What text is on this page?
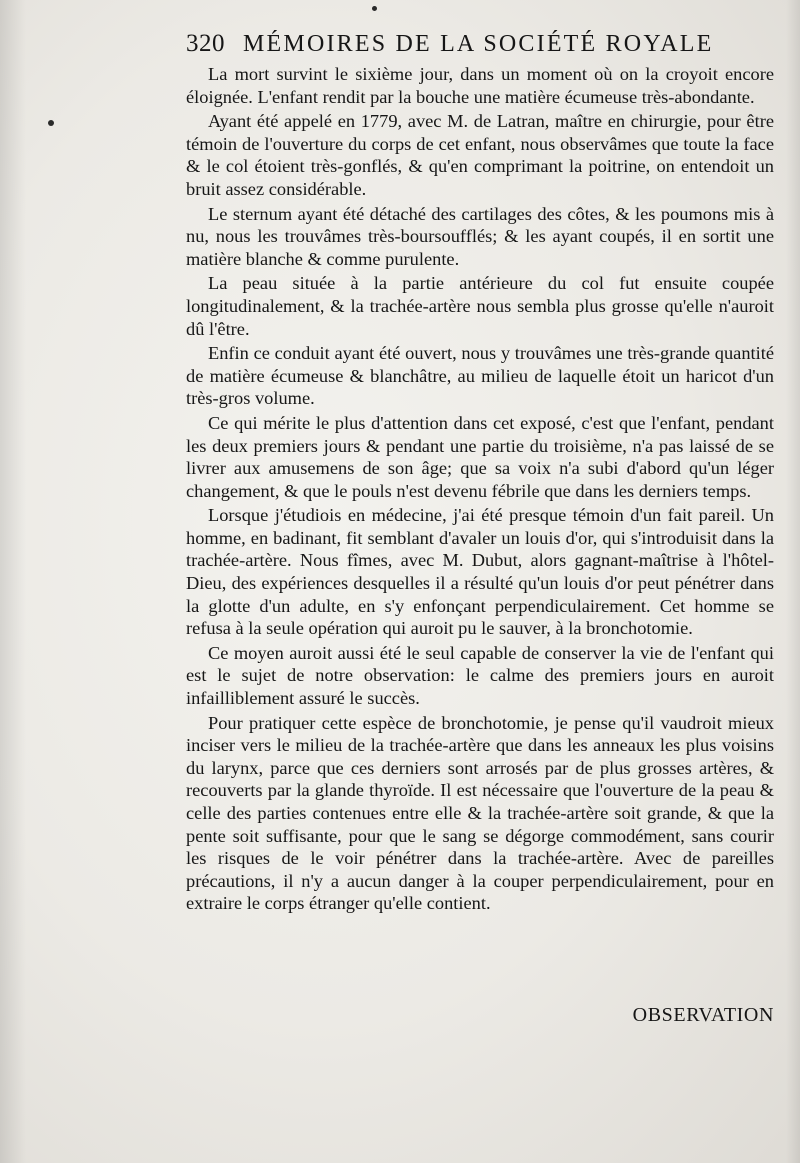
320 MÉMOIRES DE LA SOCIÉTÉ ROYALE

La mort survint le sixième jour, dans un moment où on la croyoit encore éloignée. L'enfant rendit par la bouche une matière écumeuse très-abondante.

Ayant été appelé en 1779, avec M. de Latran, maître en chirurgie, pour être témoin de l'ouverture du corps de cet enfant, nous observâmes que toute la face & le col étoient très-gonflés, & qu'en comprimant la poitrine, on entendoit un bruit assez considérable.

Le sternum ayant été détaché des cartilages des côtes, & les poumons mis à nu, nous les trouvâmes très-boursoufflés; & les ayant coupés, il en sortit une matière blanche & comme purulente.

La peau située à la partie antérieure du col fut ensuite coupée longitudinalement, & la trachée-artère nous sembla plus grosse qu'elle n'auroit dû l'être.

Enfin ce conduit ayant été ouvert, nous y trouvâmes une très-grande quantité de matière écumeuse & blanchâtre, au milieu de laquelle étoit un haricot d'un très-gros volume.

Ce qui mérite le plus d'attention dans cet exposé, c'est que l'enfant, pendant les deux premiers jours & pendant une partie du troisième, n'a pas laissé de se livrer aux amusemens de son âge; que sa voix n'a subi d'abord qu'un léger changement, & que le pouls n'est devenu fébrile que dans les derniers temps.

Lorsque j'étudiois en médecine, j'ai été presque témoin d'un fait pareil. Un homme, en badinant, fit semblant d'avaler un louis d'or, qui s'introduisit dans la trachée-artère. Nous fîmes, avec M. Dubut, alors gagnant-maîtrise à l'hôtel-Dieu, des expériences desquelles il a résulté qu'un louis d'or peut pénétrer dans la glotte d'un adulte, en s'y enfonçant perpendiculairement. Cet homme se refusa à la seule opération qui auroit pu le sauver, à la bronchotomie.

Ce moyen auroit aussi été le seul capable de conserver la vie de l'enfant qui est le sujet de notre observation: le calme des premiers jours en auroit infailliblement assuré le succès.

Pour pratiquer cette espèce de bronchotomie, je pense qu'il vaudroit mieux inciser vers le milieu de la trachée-artère que dans les anneaux les plus voisins du larynx, parce que ces derniers sont arrosés par de plus grosses artères, & recouverts par la glande thyroïde. Il est nécessaire que l'ouverture de la peau & celle des parties contenues entre elle & la trachée-artère soit grande, & que la pente soit suffisante, pour que le sang se dégorge commodément, sans courir les risques de le voir pénétrer dans la trachée-artère. Avec de pareilles précautions, il n'y a aucun danger à la couper perpendiculairement, pour en extraire le corps étranger qu'elle contient.

OBSERVATION
